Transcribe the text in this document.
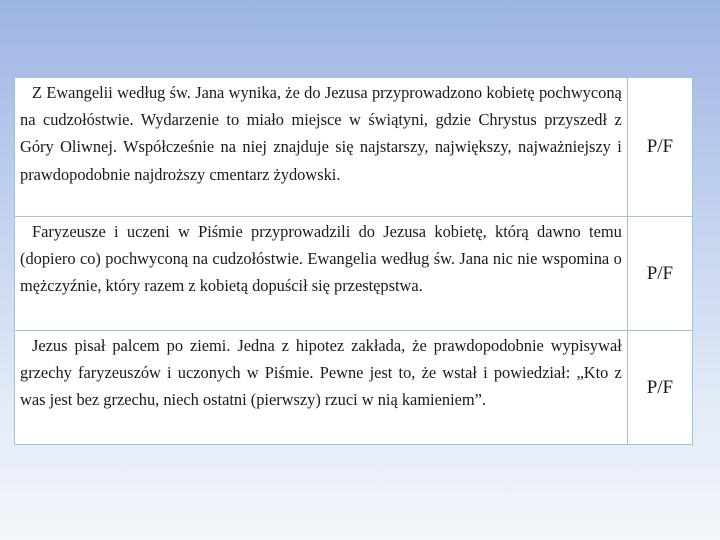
Z Ewangelii według św. Jana wynika, że do Jezusa przyprowadzono kobietę pochwyconą na cudzołóstwie. Wydarzenie to miało miejsce w świątyni, gdzie Chrystus przyszedł z Góry Oliwnej. Współcześnie na niej znajduje się najstarszy, największy, najważniejszy i prawdopodobnie najdroższy cmentarz żydowski.	P/F
Faryzeusze i uczeni w Piśmie przyprowadzili do Jezusa kobietę, którą dawno temu (dopiero co) pochwyconą na cudzołóstwie. Ewangelia według św. Jana nic nie wspomina o mężczyźnie, który razem z kobietą dopuścił się przestępstwa.	P/F
Jezus pisał palcem po ziemi. Jedna z hipotez zakłada, że prawdopodobnie wypisywał grzechy faryzeuszów i uczonych w Piśmie. Pewne jest to, że wstał i powiedział: „Kto z was jest bez grzechu, niech ostatni (pierwszy) rzuci w nią kamieniem”.	P/F
